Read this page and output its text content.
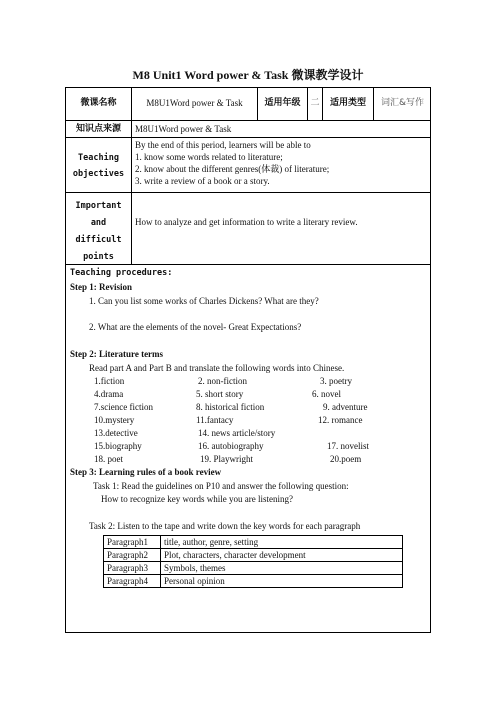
M8 Unit1 Word power & Task 微课教学设计
微课名称	M8U1Word power & Task	适用年级	二	适用类型	词汇&写作
知识点来源	M8U1Word power & Task
Teaching
objectives
By the end of this period, learners will be able to
1. know some words related to literature;
2. know about the different genres(体裁) of literature;
3. write a review of a book or a story.
Important
and
difficult
points
How to analyze and get information to write a literary review.
Teaching procedures:
Step 1: Revision
1. Can you list some works of Charles Dickens? What are they?
2. What are the elements of the novel- Great Expectations?
Step 2: Literature terms
Read part A and Part B and translate the following words into Chinese.
1.fiction	2. non-fiction	3. poetry
4.drama	5. short story	6. novel
7.science fiction	8. historical fiction	9. adventure
10.mystery	11.fantacy	12. romance
13.detective	14. news article/story
15.biography	16. autobiography	17. novelist
18. poet	19. Playwright	20.poem
Step 3: Learning rules of a book review
Task 1: Read the guidelines on P10 and answer the following question:
How to recognize key words while you are listening?
Task 2: Listen to the tape and write down the key words for each paragraph
Paragraph1	title, author, genre, setting
Paragraph2	Plot, characters, character development
Paragraph3	Symbols, themes
Paragraph4	Personal opinion
